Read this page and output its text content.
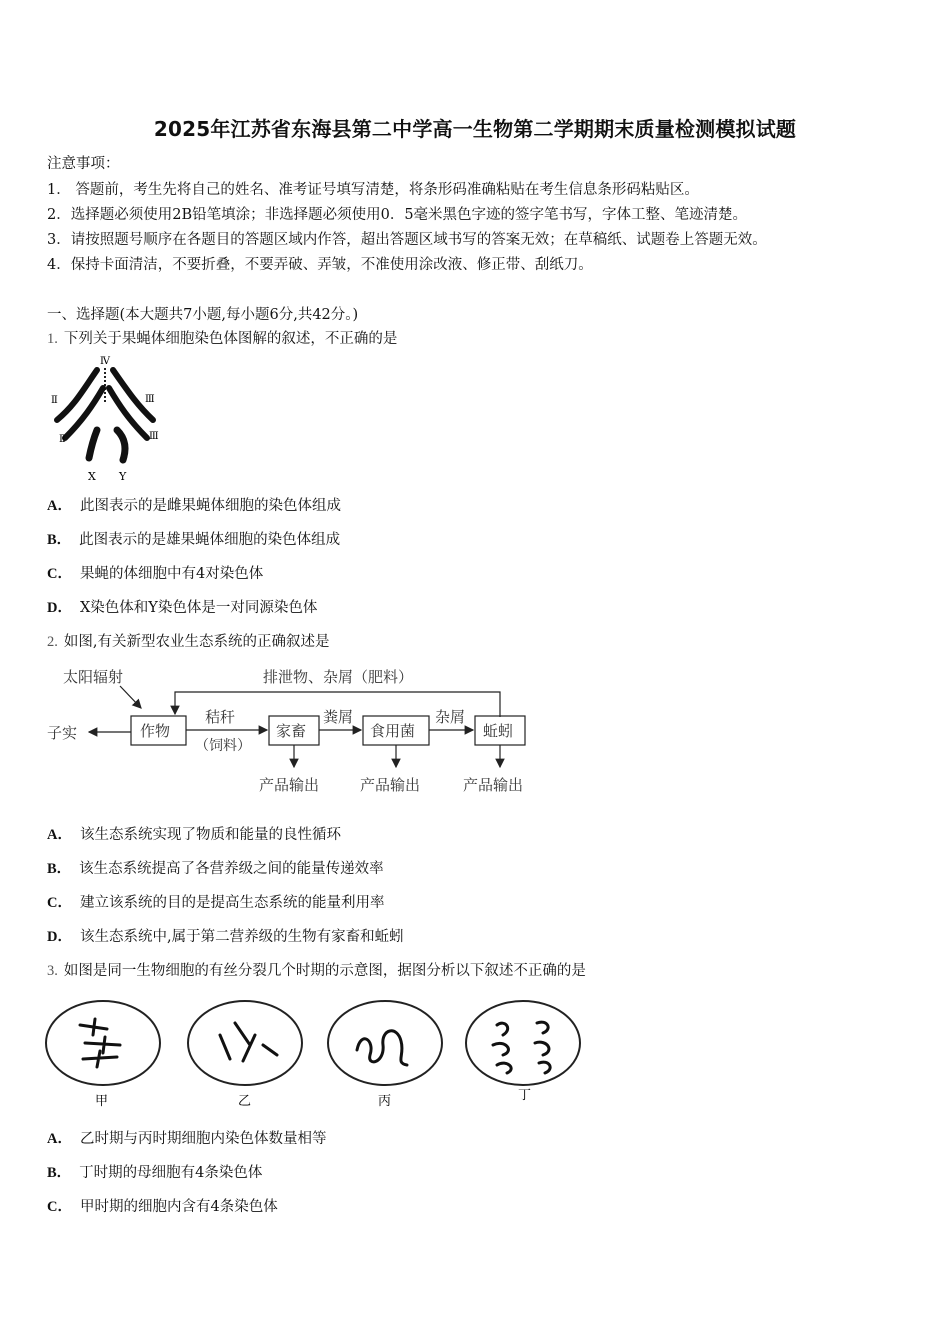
2025年江苏省东海县第二中学高一生物第二学期期末质量检测模拟试题
注意事项：
1． 答题前，考生先将自己的姓名、准考证号填写清楚，将条形码准确粘贴在考生信息条形码粘贴区。
2．选择题必须使用2B铅笔填涂；非选择题必须使用0．5毫米黑色字迹的签字笔书写，字体工整、笔迹清楚。
3．请按照题号顺序在各题目的答题区域内作答，超出答题区域书写的答案无效；在草稿纸、试题卷上答题无效。
4．保持卡面清洁，不要折叠，不要弄破、弄皱，不准使用涂改液、修正带、刮纸刀。
一、选择题(本大题共7小题,每小题6分,共42分。)
1. 下列关于果蝇体细胞染色体图解的叙述，不正确的是
Ⅳ
Ⅱ	Ⅲ
Ⅱ	Ⅲ
X Y
A． 此图表示的是雌果蝇体细胞的染色体组成
B． 此图表示的是雄果蝇体细胞的染色体组成
C． 果蝇的体细胞中有4对染色体
D． X染色体和Y染色体是一对同源染色体
2. 如图,有关新型农业生态系统的正确叙述是
太阳辐射	排泄物、杂屑（肥料）
作物
子实
秸秆
（饲料）
家畜
粪屑
食用菌
杂屑
蚯蚓
产品输出	产品输出	产品输出
A． 该生态系统实现了物质和能量的良性循环
B． 该生态系统提高了各营养级之间的能量传递效率
C． 建立该系统的目的是提高生态系统的能量利用率
D． 该生态系统中,属于第二营养级的生物有家畜和蚯蚓
3. 如图是同一生物细胞的有丝分裂几个时期的示意图，据图分析以下叙述不正确的是
甲	乙	丙	丁
A． 乙时期与丙时期细胞内染色体数量相等
B． 丁时期的母细胞有4条染色体
C． 甲时期的细胞内含有4条染色体
